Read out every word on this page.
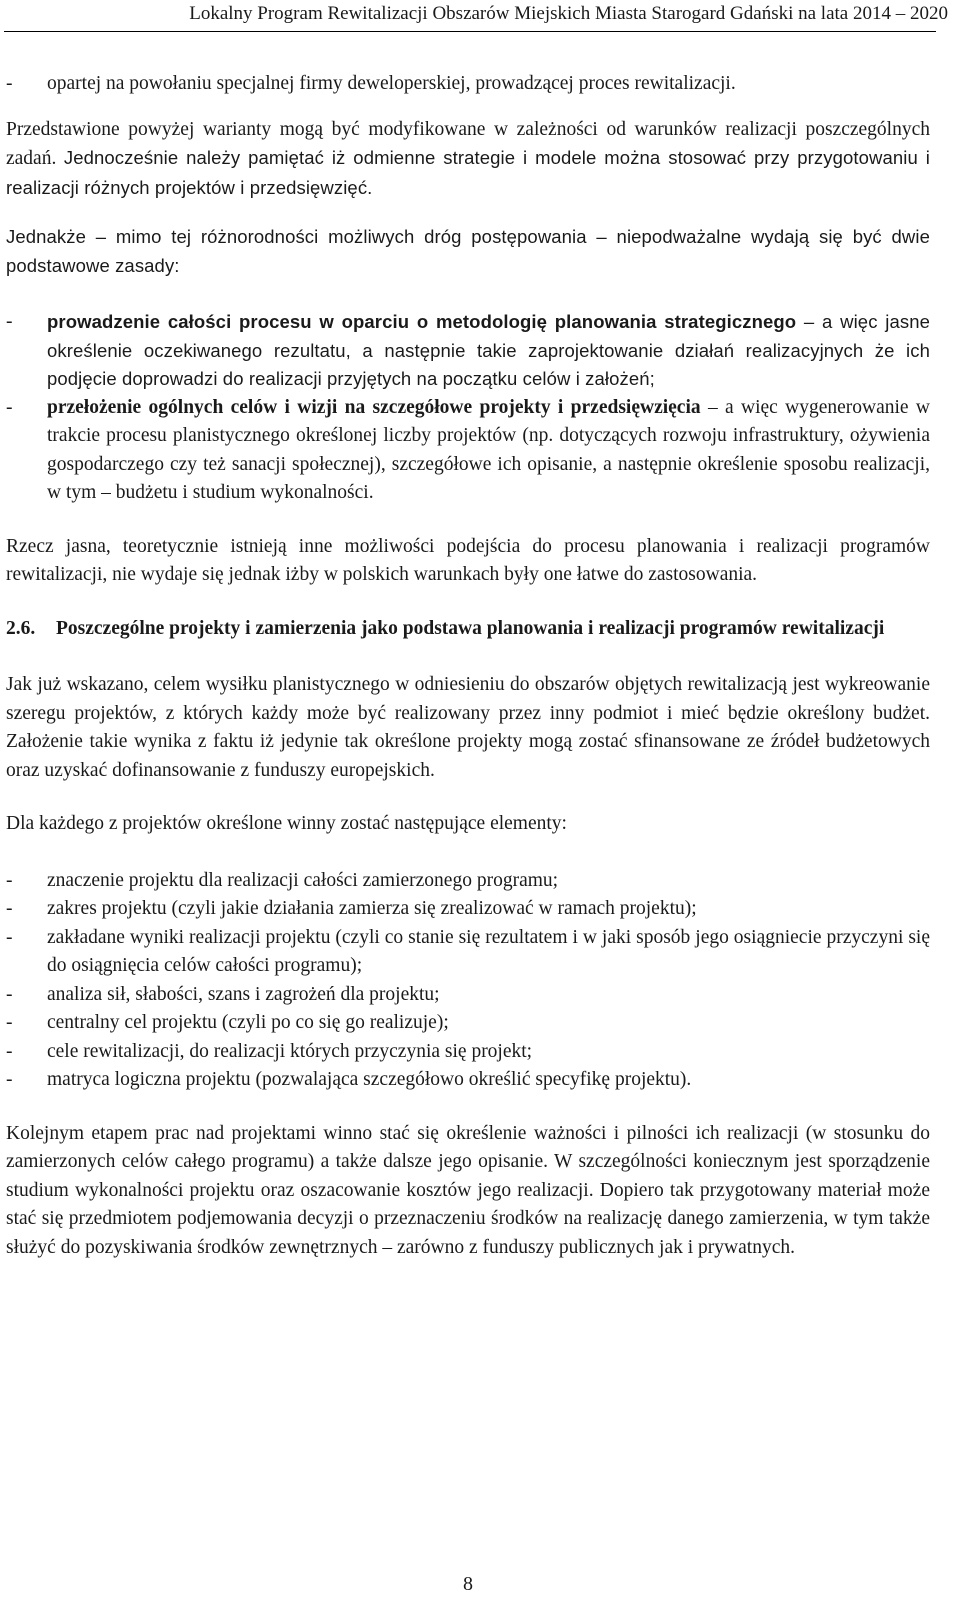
Lokalny Program Rewitalizacji Obszarów Miejskich Miasta Starogard Gdański na lata 2014 – 2020
-	opartej na powołaniu specjalnej firmy deweloperskiej, prowadzącej proces rewitalizacji.

Przedstawione powyżej warianty mogą być modyfikowane w zależności od warunków realizacji poszczególnych zadań. Jednocześnie należy pamiętać iż odmienne strategie i modele można stosować przy przygotowaniu i realizacji różnych projektów i przedsięwzięć.

Jednakże – mimo tej różnorodności możliwych dróg postępowania – niepodważalne wydają się być dwie podstawowe zasady:

-	prowadzenie całości procesu w oparciu o metodologię planowania strategicznego – a więc jasne określenie oczekiwanego rezultatu, a następnie takie zaprojektowanie działań realizacyjnych że ich podjęcie doprowadzi do realizacji przyjętych na początku celów i założeń;
-	przełożenie ogólnych celów i wizji na szczegółowe projekty i przedsięwzięcia – a więc wygenerowanie w trakcie procesu planistycznego określonej liczby projektów (np. dotyczących rozwoju infrastruktury, ożywienia gospodarczego czy też sanacji społecznej), szczegółowe ich opisanie, a następnie określenie sposobu realizacji, w tym – budżetu i studium wykonalności.

Rzecz jasna, teoretycznie istnieją inne możliwości podejścia do procesu planowania i realizacji programów rewitalizacji, nie wydaje się jednak iżby w polskich warunkach były one łatwe do zastosowania.

2.6. Poszczególne projekty i zamierzenia jako podstawa planowania i realizacji programów rewitalizacji

Jak już wskazano, celem wysiłku planistycznego w odniesieniu do obszarów objętych rewitalizacją jest wykreowanie szeregu projektów, z których każdy może być realizowany przez inny podmiot i mieć będzie określony budżet. Założenie takie wynika z faktu iż jedynie tak określone projekty mogą zostać sfinansowane ze źródeł budżetowych oraz uzyskać dofinansowanie z funduszy europejskich.

Dla każdego z projektów określone winny zostać następujące elementy:

-	znaczenie projektu dla realizacji całości zamierzonego programu;
-	zakres projektu (czyli jakie działania zamierza się zrealizować w ramach projektu);
-	zakładane wyniki realizacji projektu (czyli co stanie się rezultatem i w jaki sposób jego osiągniecie przyczyni się do osiągnięcia celów całości programu);
-	analiza sił, słabości, szans i zagrożeń dla projektu;
-	centralny cel projektu (czyli po co się go realizuje);
-	cele rewitalizacji, do realizacji których przyczynia się projekt;
-	matryca logiczna projektu (pozwalająca szczegółowo określić specyfikę projektu).

Kolejnym etapem prac nad projektami winno stać się określenie ważności i pilności ich realizacji (w stosunku do zamierzonych celów całego programu) a także dalsze jego opisanie. W szczególności koniecznym jest sporządzenie studium wykonalności projektu oraz oszacowanie kosztów jego realizacji. Dopiero tak przygotowany materiał może stać się przedmiotem podjemowania decyzji o przeznaczeniu środków na realizację danego zamierzenia, w tym także służyć do pozyskiwania środków zewnętrznych – zarówno z funduszy publicznych jak i prywatnych.

8
